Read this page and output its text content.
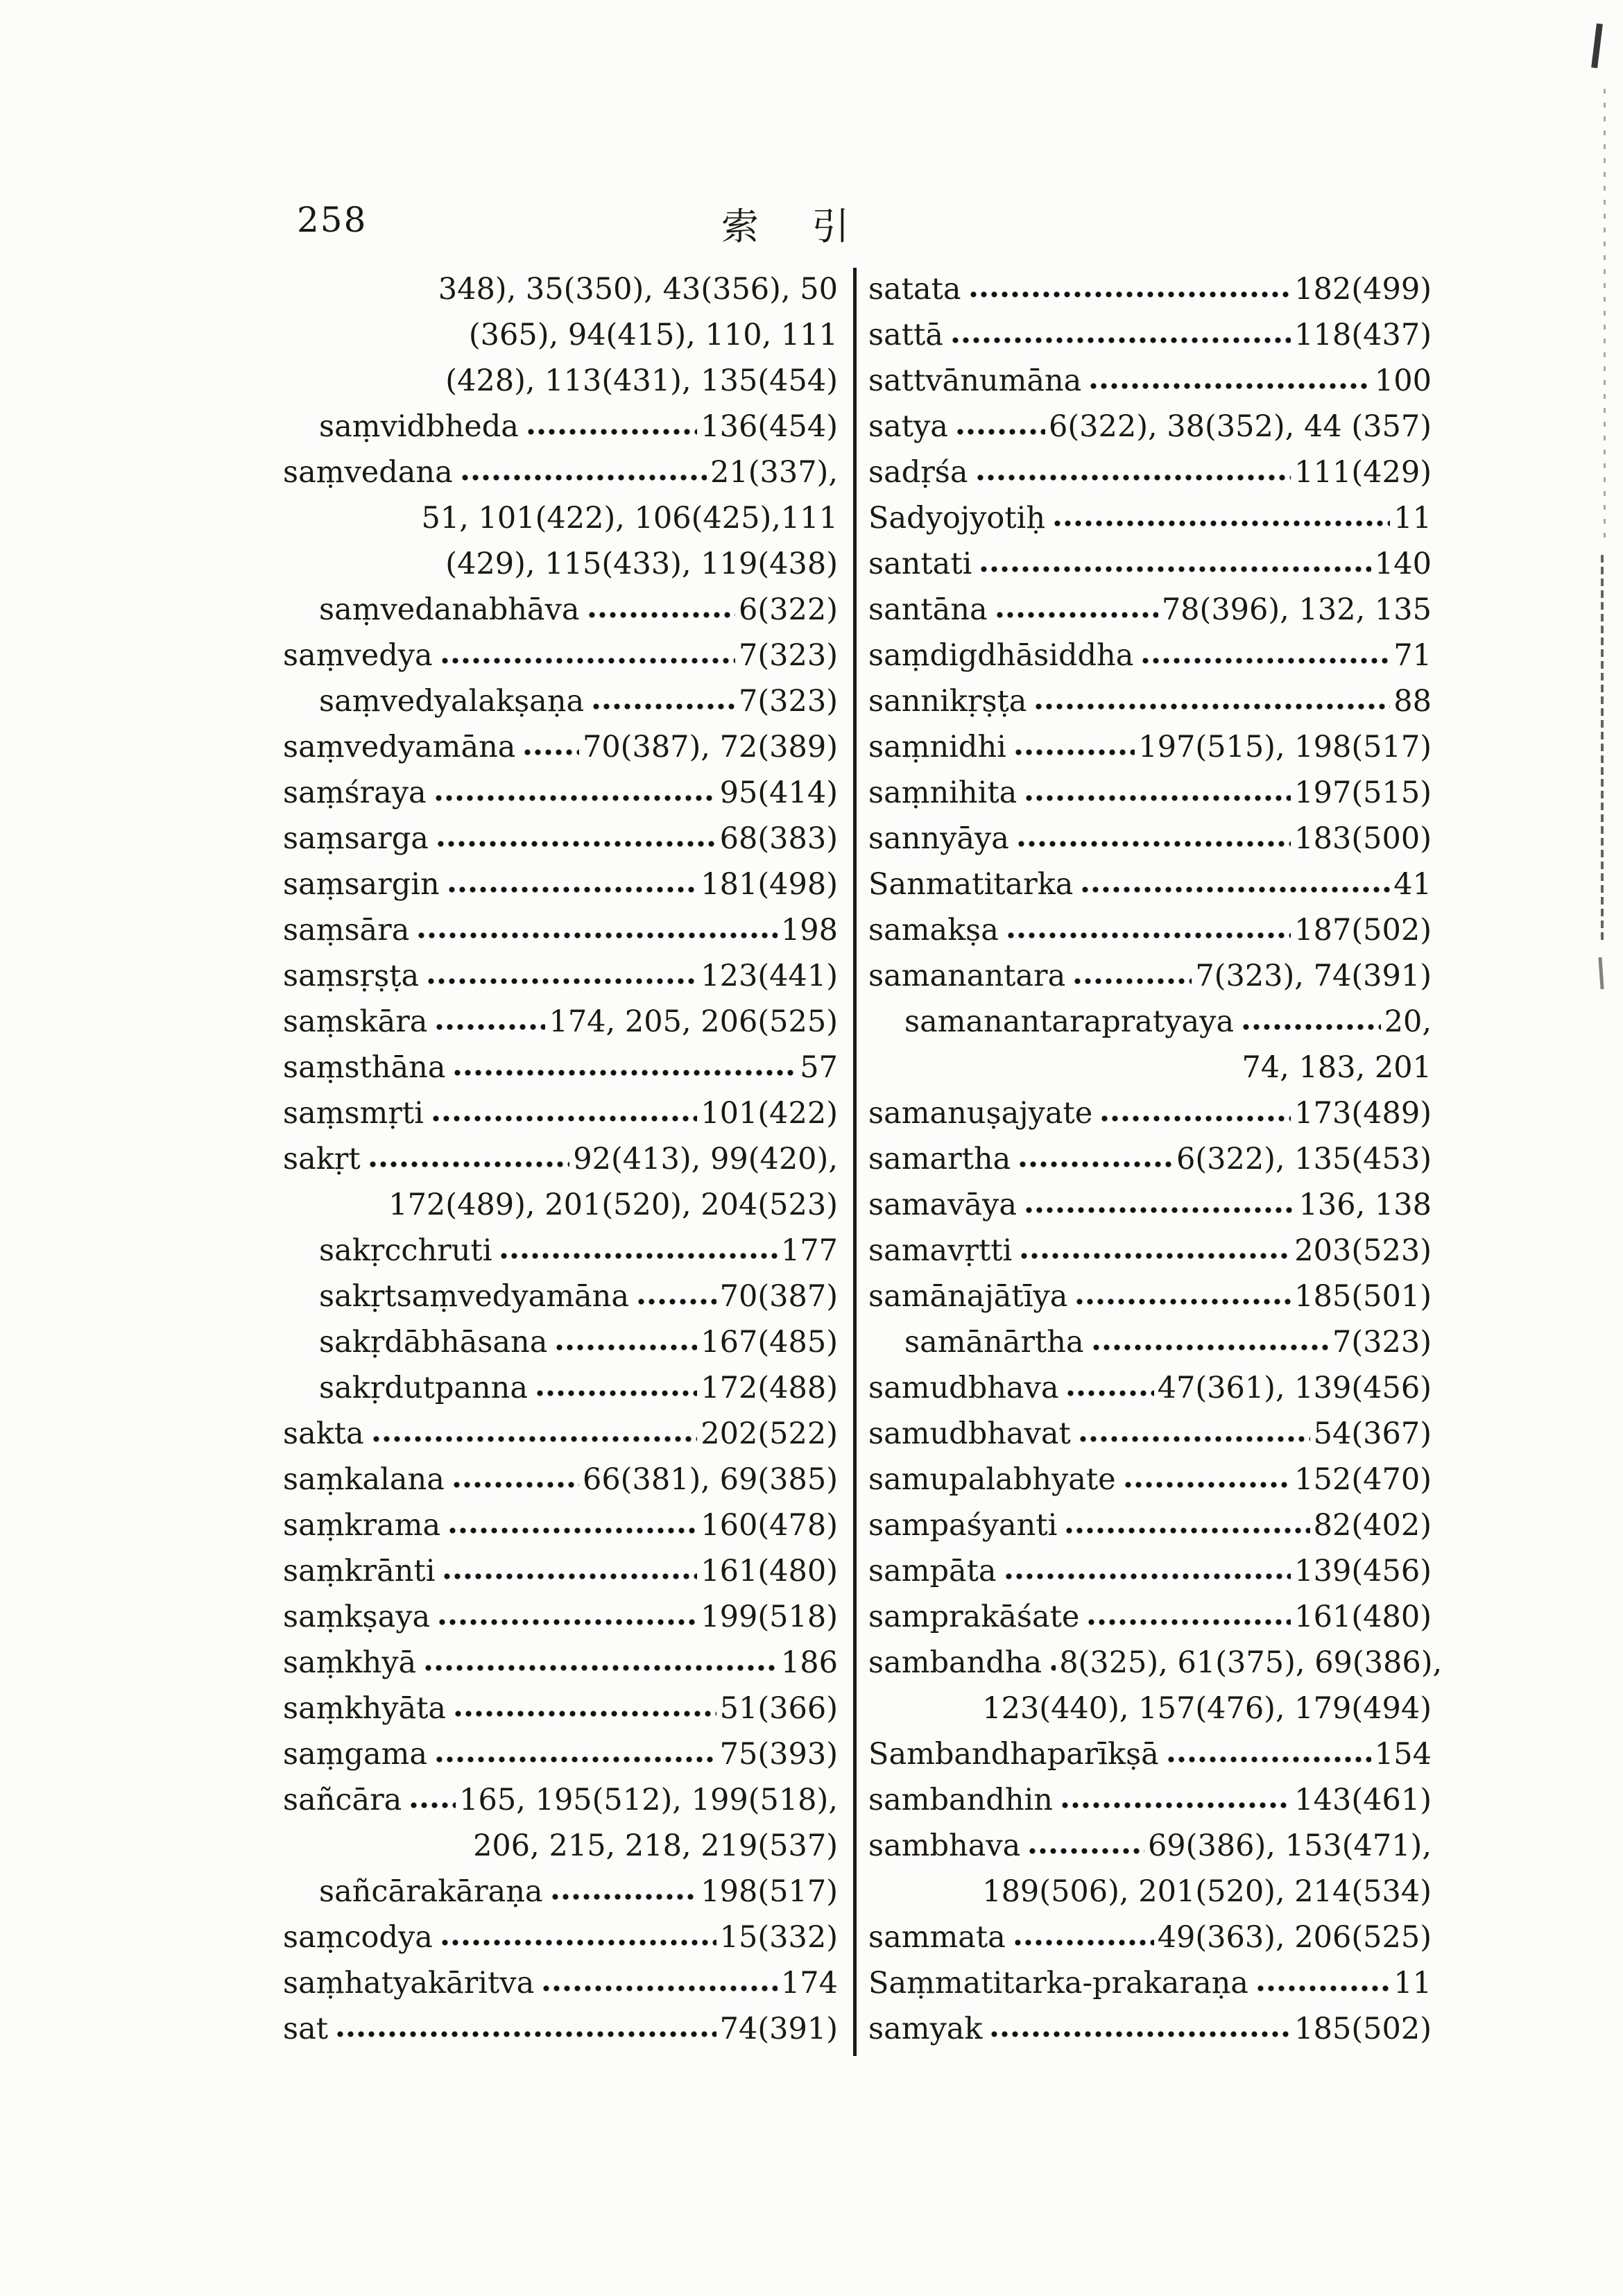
258	索 引
348), 35(350), 43(356), 50
(365), 94(415), 110, 111
(428), 113(431), 135(454)
saṃvidbheda	136(454)
saṃvedana	21(337),
51, 101(422), 106(425),111
(429), 115(433), 119(438)
saṃvedanabhāva	6(322)
saṃvedya	7(323)
saṃvedyalakṣaṇa	7(323)
saṃvedyamāna 70(387), 72(389)
saṃśraya	95(414)
saṃsarga	68(383)
saṃsargin	181(498)
saṃsāra	198
saṃsṛṣṭa	123(441)
saṃskāra	174, 205, 206(525)
saṃsthāna	57
saṃsmṛti	101(422)
sakṛt	92(413), 99(420),
172(489), 201(520), 204(523)
sakṛcchruti	177
sakṛtsaṃvedyamāna	70(387)
sakṛdābhāsana	167(485)
sakṛdutpanna	172(488)
sakta	202(522)
saṃkalana	66(381), 69(385)
saṃkrama	160(478)
saṃkrānti	161(480)
saṃkṣaya	199(518)
saṃkhyā	186
saṃkhyāta	51(366)
saṃgama	75(393)
sañcāra 165, 195(512), 199(518),
206, 215, 218, 219(537)
sañcārakāraṇa	198(517)
saṃcodya	15(332)
saṃhatyakāritva	174
sat	74(391)
satata	182(499)
sattā	118(437)
sattvānumāna	100
satya	6(322), 38(352), 44 (357)
sadṛśa	111(429)
Sadyojyotiḥ	11
santati	140
santāna	78(396), 132, 135
saṃdigdhāsiddha	71
sannikṛṣṭa	88
saṃnidhi	197(515), 198(517)
saṃnihita	197(515)
sannyāya	183(500)
Sanmatitarka	41
samakṣa	187(502)
samanantara	7(323), 74(391)
samanantarapratyaya	20,
74, 183, 201
samanuṣajyate	173(489)
samartha	6(322), 135(453)
samavāya	136, 138
samavṛtti	203(523)
samānajātīya	185(501)
samānārtha	7(323)
samudbhava	47(361), 139(456)
samudbhavat	54(367)
samupalabhyate	152(470)
sampaśyanti	82(402)
sampāta	139(456)
samprakāśate	161(480)
sambandha 8(325), 61(375), 69(386),
123(440), 157(476), 179(494)
Sambandhaparīkṣā	154
sambandhin	143(461)
sambhava	69(386), 153(471),
189(506), 201(520), 214(534)
sammata	49(363), 206(525)
Saṃmatitarka-prakaraṇa	11
samyak	185(502)
